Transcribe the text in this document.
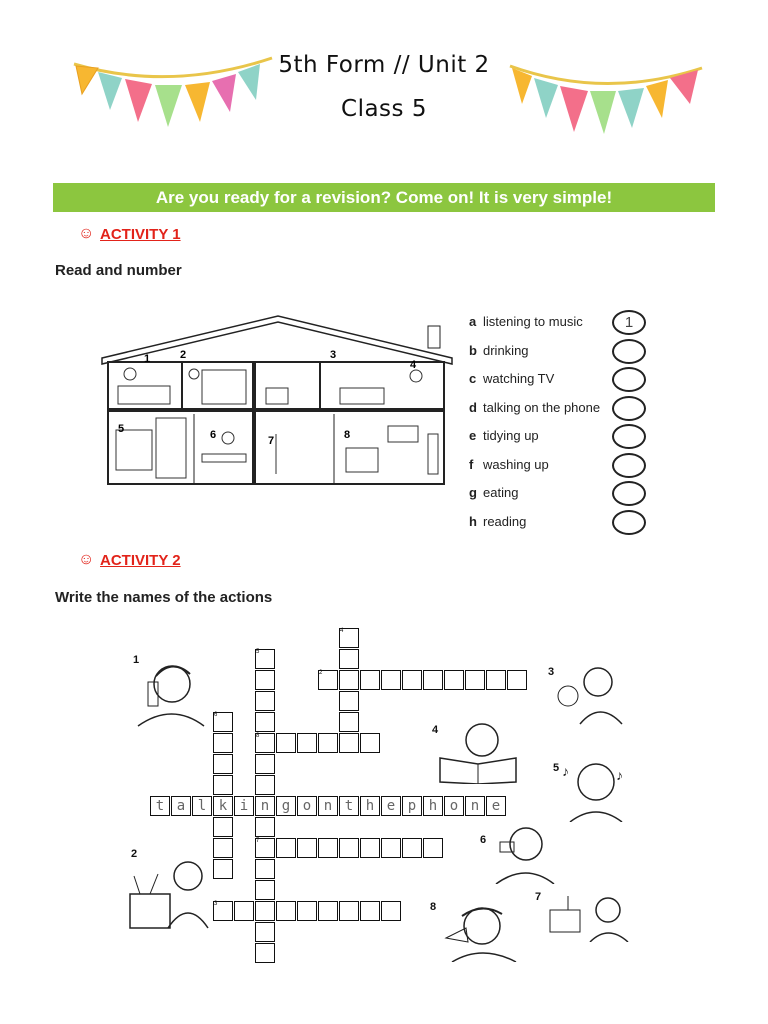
5th Form // Unit 2
Class 5
Are you ready for a revision? Come on! It is very simple!
☺ ACTIVITY 1
Read and number
1	2	3
4
5	6	7	8
a listening to music	1
b drinking
c watching TV
d talking on the phone
e tidying up
f washing up
g eating
h reading
☺ ACTIVITY 2
Write the names of the actions
2
8
7
3
5
4
6
t a l k i n g o n t h e p h o n e
♪	♪
1
2
3
4
5
6
7
8
